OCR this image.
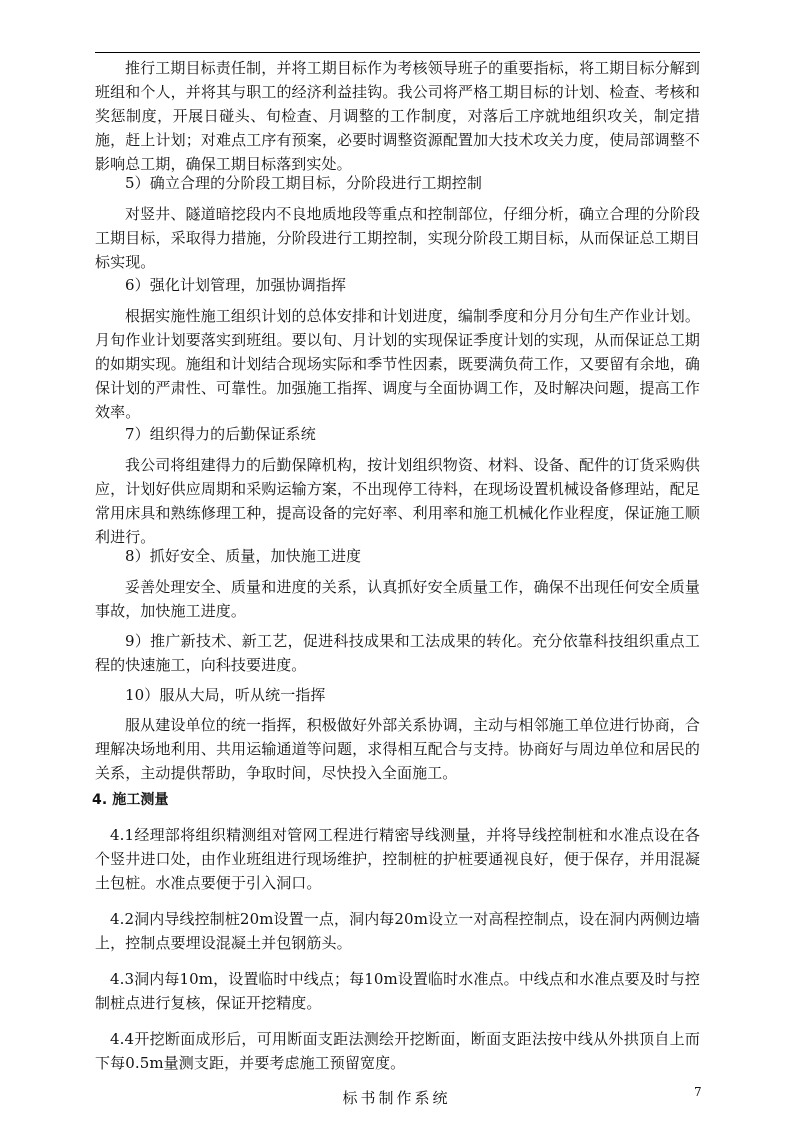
推行工期目标责任制，并将工期目标作为考核领导班子的重要指标，将工期目标分解到班组和个人，并将其与职工的经济利益挂钩。我公司将严格工期目标的计划、检查、考核和奖惩制度，开展日碰头、旬检查、月调整的工作制度，对落后工序就地组织攻关，制定措施，赶上计划；对难点工序有预案，必要时调整资源配置加大技术攻关力度，使局部调整不影响总工期，确保工期目标落到实处。

5）确立合理的分阶段工期目标，分阶段进行工期控制

对竖井、隧道暗挖段内不良地质地段等重点和控制部位，仔细分析，确立合理的分阶段工期目标，采取得力措施，分阶段进行工期控制，实现分阶段工期目标，从而保证总工期目标实现。

6）强化计划管理，加强协调指挥

根据实施性施工组织计划的总体安排和计划进度，编制季度和分月分旬生产作业计划。月旬作业计划要落实到班组。要以旬、月计划的实现保证季度计划的实现，从而保证总工期的如期实现。施组和计划结合现场实际和季节性因素，既要满负荷工作，又要留有余地，确保计划的严肃性、可靠性。加强施工指挥、调度与全面协调工作，及时解决问题，提高工作效率。

7）组织得力的后勤保证系统

我公司将组建得力的后勤保障机构，按计划组织物资、材料、设备、配件的订货采购供应，计划好供应周期和采购运输方案，不出现停工待料，在现场设置机械设备修理站，配足常用床具和熟练修理工种，提高设备的完好率、利用率和施工机械化作业程度，保证施工顺利进行。

8）抓好安全、质量，加快施工进度

妥善处理安全、质量和进度的关系，认真抓好安全质量工作，确保不出现任何安全质量事故，加快施工进度。

9）推广新技术、新工艺，促进科技成果和工法成果的转化。充分依靠科技组织重点工程的快速施工，向科技要进度。

10）服从大局，听从统一指挥

服从建设单位的统一指挥，积极做好外部关系协调，主动与相邻施工单位进行协商，合理解决场地利用、共用运输通道等问题，求得相互配合与支持。协商好与周边单位和居民的关系，主动提供帮助，争取时间，尽快投入全面施工。

4. 施工测量

4.1经理部将组织精测组对管网工程进行精密导线测量，并将导线控制桩和水准点设在各个竖井进口处，由作业班组进行现场维护，控制桩的护桩要通视良好，便于保存，并用混凝土包桩。水准点要便于引入洞口。

4.2洞内导线控制桩20m设置一点，洞内每20m设立一对高程控制点，设在洞内两侧边墙上，控制点要埋设混凝土并包钢筋头。

4.3洞内每10m，设置临时中线点；每10m设置临时水准点。中线点和水准点要及时与控制桩点进行复核，保证开挖精度。

4.4开挖断面成形后，可用断面支距法测绘开挖断面，断面支距法按中线从外拱顶自上而下每0.5m量测支距，并要考虑施工预留宽度。

标书制作系统	7
